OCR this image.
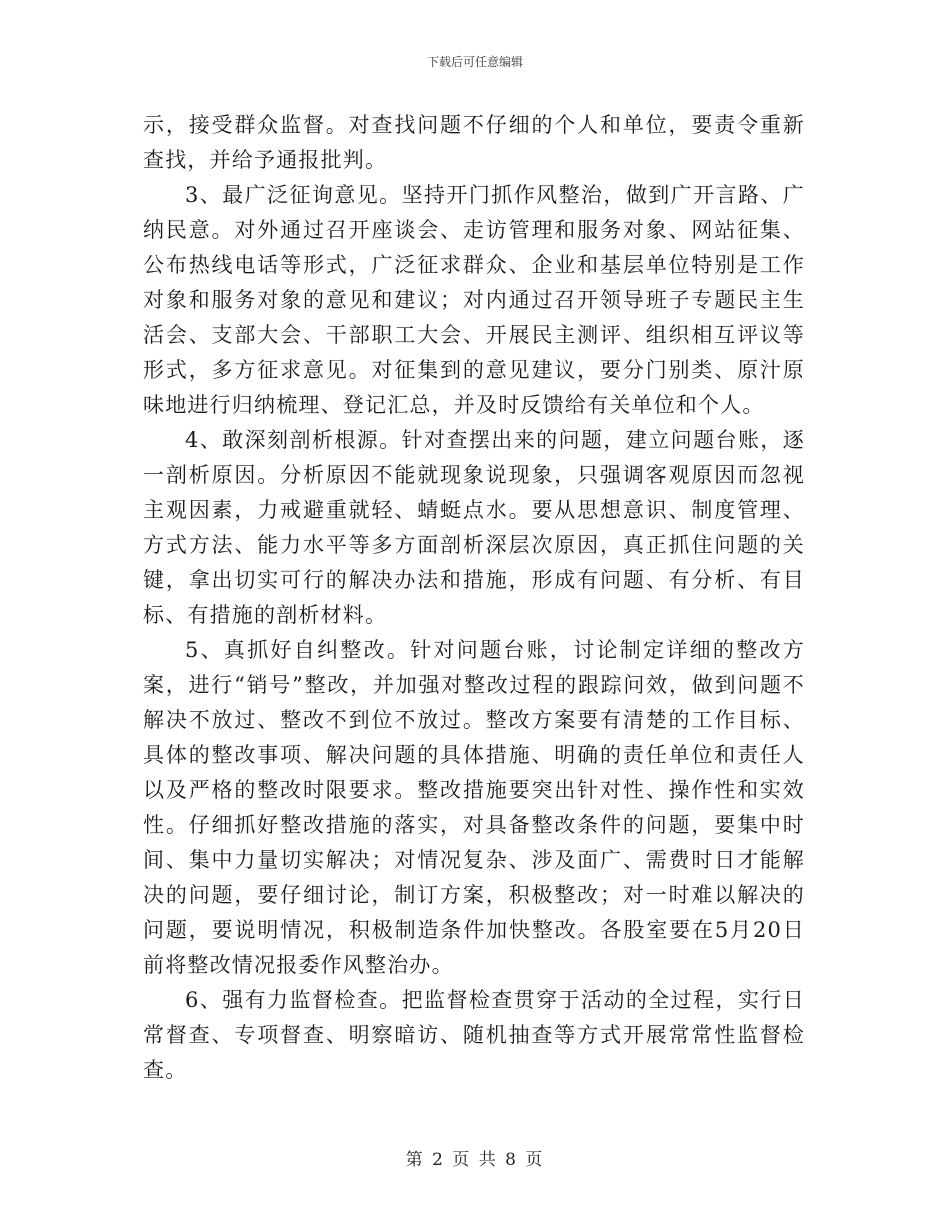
下载后可任意编辑

示，接受群众监督。对查找问题不仔细的个人和单位，要责令重新查找，并给予通报批判。

3、最广泛征询意见。坚持开门抓作风整治，做到广开言路、广纳民意。对外通过召开座谈会、走访管理和服务对象、网站征集、公布热线电话等形式，广泛征求群众、企业和基层单位特别是工作对象和服务对象的意见和建议；对内通过召开领导班子专题民主生活会、支部大会、干部职工大会、开展民主测评、组织相互评议等形式，多方征求意见。对征集到的意见建议，要分门别类、原汁原味地进行归纳梳理、登记汇总，并及时反馈给有关单位和个人。

4、敢深刻剖析根源。针对查摆出来的问题，建立问题台账，逐一剖析原因。分析原因不能就现象说现象，只强调客观原因而忽视主观因素，力戒避重就轻、蜻蜓点水。要从思想意识、制度管理、方式方法、能力水平等多方面剖析深层次原因，真正抓住问题的关键，拿出切实可行的解决办法和措施，形成有问题、有分析、有目标、有措施的剖析材料。

5、真抓好自纠整改。针对问题台账，讨论制定详细的整改方案，进行“销号”整改，并加强对整改过程的跟踪问效，做到问题不解决不放过、整改不到位不放过。整改方案要有清楚的工作目标、具体的整改事项、解决问题的具体措施、明确的责任单位和责任人以及严格的整改时限要求。整改措施要突出针对性、操作性和实效性。仔细抓好整改措施的落实，对具备整改条件的问题，要集中时间、集中力量切实解决；对情况复杂、涉及面广、需费时日才能解决的问题，要仔细讨论，制订方案，积极整改；对一时难以解决的问题，要说明情况，积极制造条件加快整改。各股室要在5月20日前将整改情况报委作风整治办。

6、强有力监督检查。把监督检查贯穿于活动的全过程，实行日常督查、专项督查、明察暗访、随机抽查等方式开展常常性监督检查。

第 2 页 共 8 页
